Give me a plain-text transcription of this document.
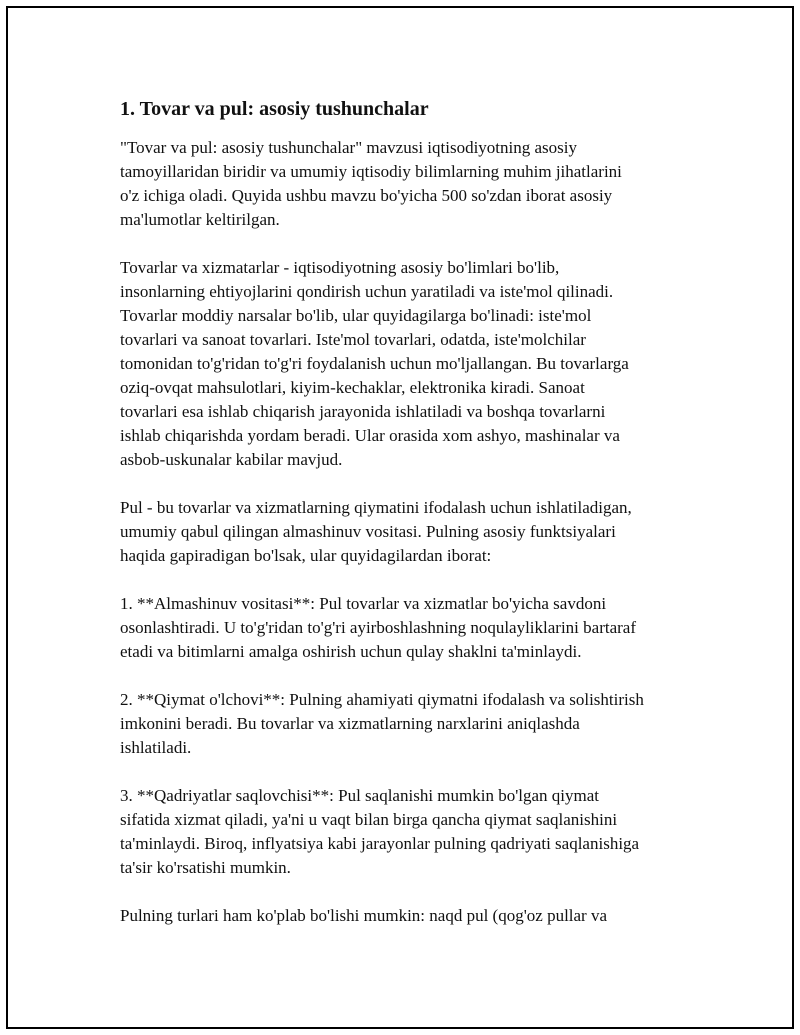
1. Tovar va pul: asosiy tushunchalar

"Tovar va pul: asosiy tushunchalar" mavzusi iqtisodiyotning asosiy
tamoyillaridan biridir va umumiy iqtisodiy bilimlarning muhim jihatlarini
o'z ichiga oladi. Quyida ushbu mavzu bo'yicha 500 so'zdan iborat asosiy
ma'lumotlar keltirilgan.

Tovarlar va xizmatarlar - iqtisodiyotning asosiy bo'limlari bo'lib,
insonlarning ehtiyojlarini qondirish uchun yaratiladi va iste'mol qilinadi.
Tovarlar moddiy narsalar bo'lib, ular quyidagilarga bo'linadi: iste'mol
tovarlari va sanoat tovarlari. Iste'mol tovarlari, odatda, iste'molchilar
tomonidan to'g'ridan to'g'ri foydalanish uchun mo'ljallangan. Bu tovarlarga
oziq-ovqat mahsulotlari, kiyim-kechaklar, elektronika kiradi. Sanoat
tovarlari esa ishlab chiqarish jarayonida ishlatiladi va boshqa tovarlarni
ishlab chiqarishda yordam beradi. Ular orasida xom ashyo, mashinalar va
asbob-uskunalar kabilar mavjud.

Pul - bu tovarlar va xizmatlarning qiymatini ifodalash uchun ishlatiladigan,
umumiy qabul qilingan almashinuv vositasi. Pulning asosiy funktsiyalari
haqida gapiradigan bo'lsak, ular quyidagilardan iborat:

1. **Almashinuv vositasi**: Pul tovarlar va xizmatlar bo'yicha savdoni
osonlashtiradi. U to'g'ridan to'g'ri ayirboshlashning noqulayliklarini bartaraf
etadi va bitimlarni amalga oshirish uchun qulay shaklni ta'minlaydi.

2. **Qiymat o'lchovi**: Pulning ahamiyati qiymatni ifodalash va solishtirish
imkonini beradi. Bu tovarlar va xizmatlarning narxlarini aniqlashda
ishlatiladi.

3. **Qadriyatlar saqlovchisi**: Pul saqlanishi mumkin bo'lgan qiymat
sifatida xizmat qiladi, ya'ni u vaqt bilan birga qancha qiymat saqlanishini
ta'minlaydi. Biroq, inflyatsiya kabi jarayonlar pulning qadriyati saqlanishiga
ta'sir ko'rsatishi mumkin.

Pulning turlari ham ko'plab bo'lishi mumkin: naqd pul (qog'oz pullar va
